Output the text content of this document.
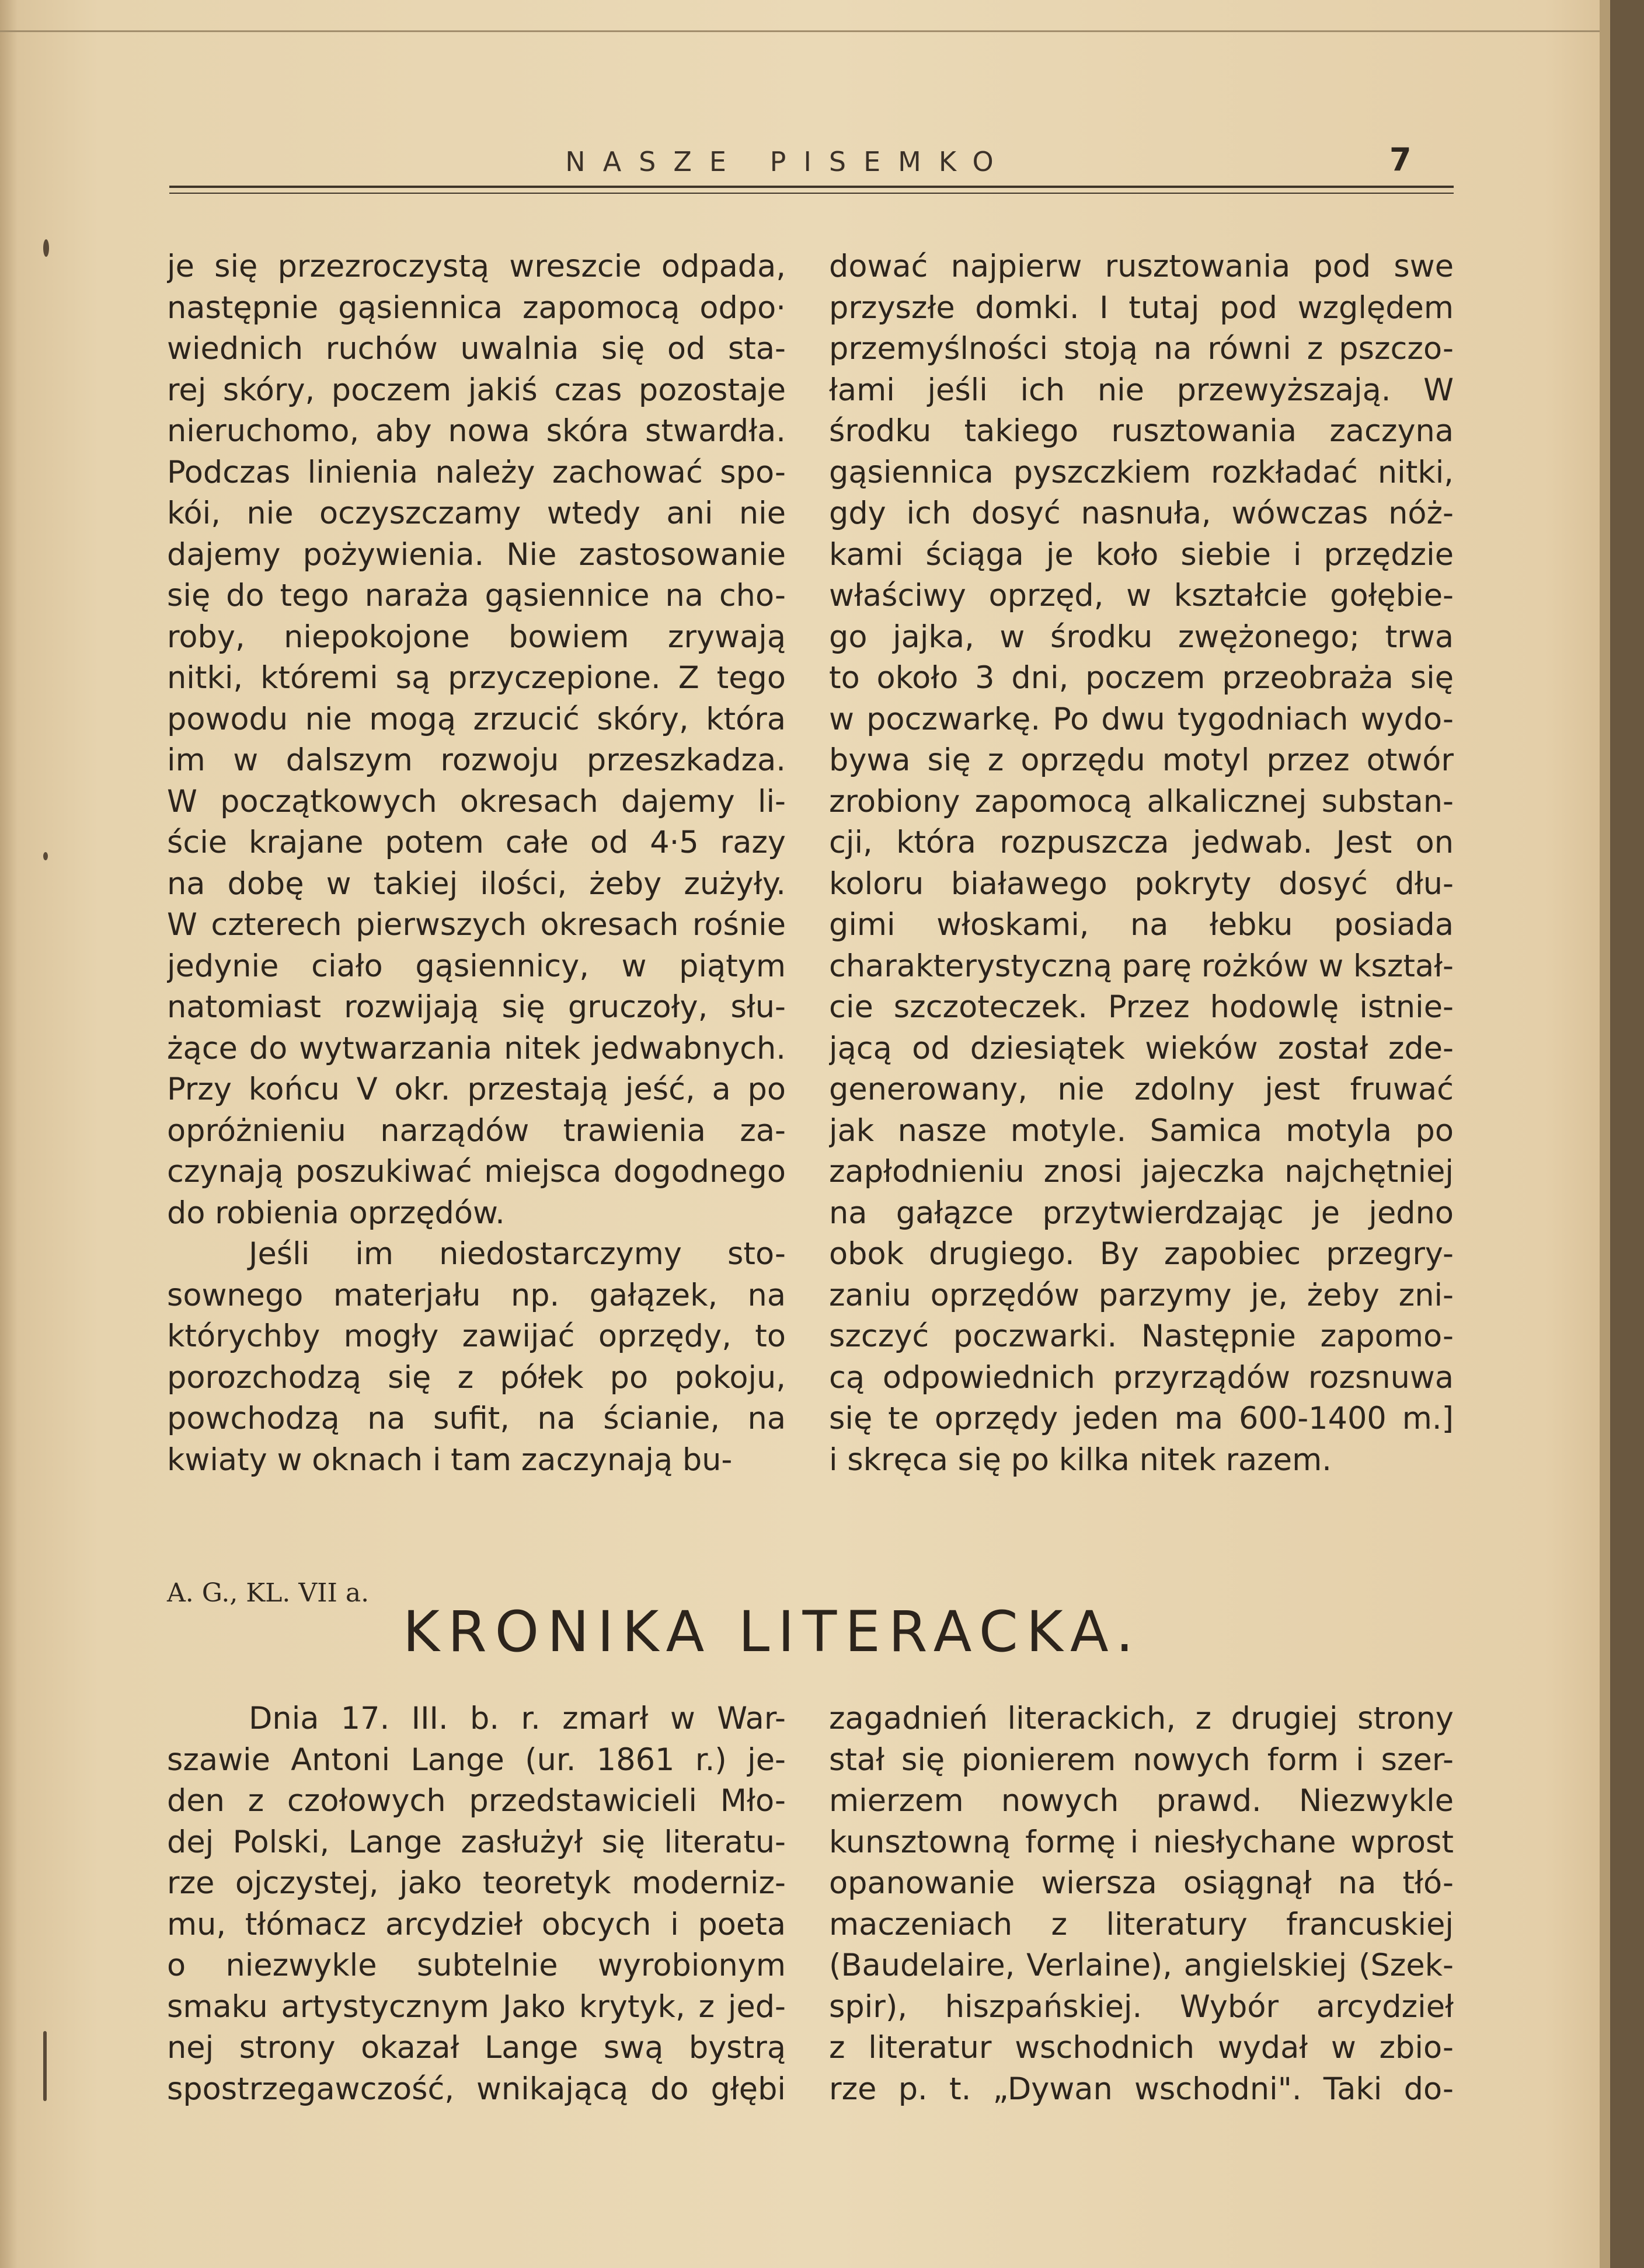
NASZE PISEMKO	7
je się przezroczystą wreszcie odpada,
następnie gąsiennica zapomocą odpo·
wiednich ruchów uwalnia się od sta-
rej skóry, poczem jakiś czas pozostaje
nieruchomo, aby nowa skóra stwardła.
Podczas linienia należy zachować spo-
kói, nie oczyszczamy wtedy ani nie
dajemy pożywienia. Nie zastosowanie
się do tego naraża gąsiennice na cho-
roby, niepokojone bowiem zrywają
nitki, któremi są przyczepione. Z tego
powodu nie mogą zrzucić skóry, która
im w dalszym rozwoju przeszkadza.
W początkowych okresach dajemy li-
ście krajane potem całe od 4·5 razy
na dobę w takiej ilości, żeby zużyły.
W czterech pierwszych okresach rośnie
jedynie ciało gąsiennicy, w piątym
natomiast rozwijają się gruczoły, słu-
żące do wytwarzania nitek jedwabnych.
Przy końcu V okr. przestają jeść, a po
opróżnieniu narządów trawienia za-
czynają poszukiwać miejsca dogodnego
do robienia oprzędów.
Jeśli im niedostarczymy sto-
sownego materjału np. gałązek, na
którychby mogły zawijać oprzędy, to
porozchodzą się z półek po pokoju,
powchodzą na sufit, na ścianie, na
kwiaty w oknach i tam zaczynają bu-
dować najpierw rusztowania pod swe
przyszłe domki. I tutaj pod względem
przemyślności stoją na równi z pszczo-
łami jeśli ich nie przewyższają. W
środku takiego rusztowania zaczyna
gąsiennica pyszczkiem rozkładać nitki,
gdy ich dosyć nasnuła, wówczas nóż-
kami ściąga je koło siebie i przędzie
właściwy oprzęd, w kształcie gołębie-
go jajka, w środku zwężonego; trwa
to około 3 dni, poczem przeobraża się
w poczwarkę. Po dwu tygodniach wydo-
bywa się z oprzędu motyl przez otwór
zrobiony zapomocą alkalicznej substan-
cji, która rozpuszcza jedwab. Jest on
koloru białawego pokryty dosyć dłu-
gimi włoskami, na łebku posiada
charakterystyczną parę rożków w kształ-
cie szczoteczek. Przez hodowlę istnie-
jącą od dziesiątek wieków został zde-
generowany, nie zdolny jest fruwać
jak nasze motyle. Samica motyla po
zapłodnieniu znosi jajeczka najchętniej
na gałązce przytwierdzając je jedno
obok drugiego. By zapobiec przegry-
zaniu oprzędów parzymy je, żeby zni-
szczyć poczwarki. Następnie zapomo-
cą odpowiednich przyrządów rozsnuwa
się te oprzędy jeden ma 600-1400 m.]
i skręca się po kilka nitek razem.
A. G., KL. VII a.
KRONIKA LITERACKA.
Dnia 17. III. b. r. zmarł w War-
szawie Antoni Lange (ur. 1861 r.) je-
den z czołowych przedstawicieli Mło-
dej Polski, Lange zasłużył się literatu-
rze ojczystej, jako teoretyk moderniz-
mu, tłómacz arcydzieł obcych i poeta
o niezwykle subtelnie wyrobionym
smaku artystycznym Jako krytyk, z jed-
nej strony okazał Lange swą bystrą
spostrzegawczość, wnikającą do głębi
zagadnień literackich, z drugiej strony
stał się pionierem nowych form i szer-
mierzem nowych prawd. Niezwykle
kunsztowną formę i niesłychane wprost
opanowanie wiersza osiągnął na tłó-
maczeniach z literatury francuskiej
(Baudelaire, Verlaine), angielskiej (Szek-
spir), hiszpańskiej. Wybór arcydzieł
z literatur wschodnich wydał w zbio-
rze p. t. „Dywan wschodni". Taki do-
